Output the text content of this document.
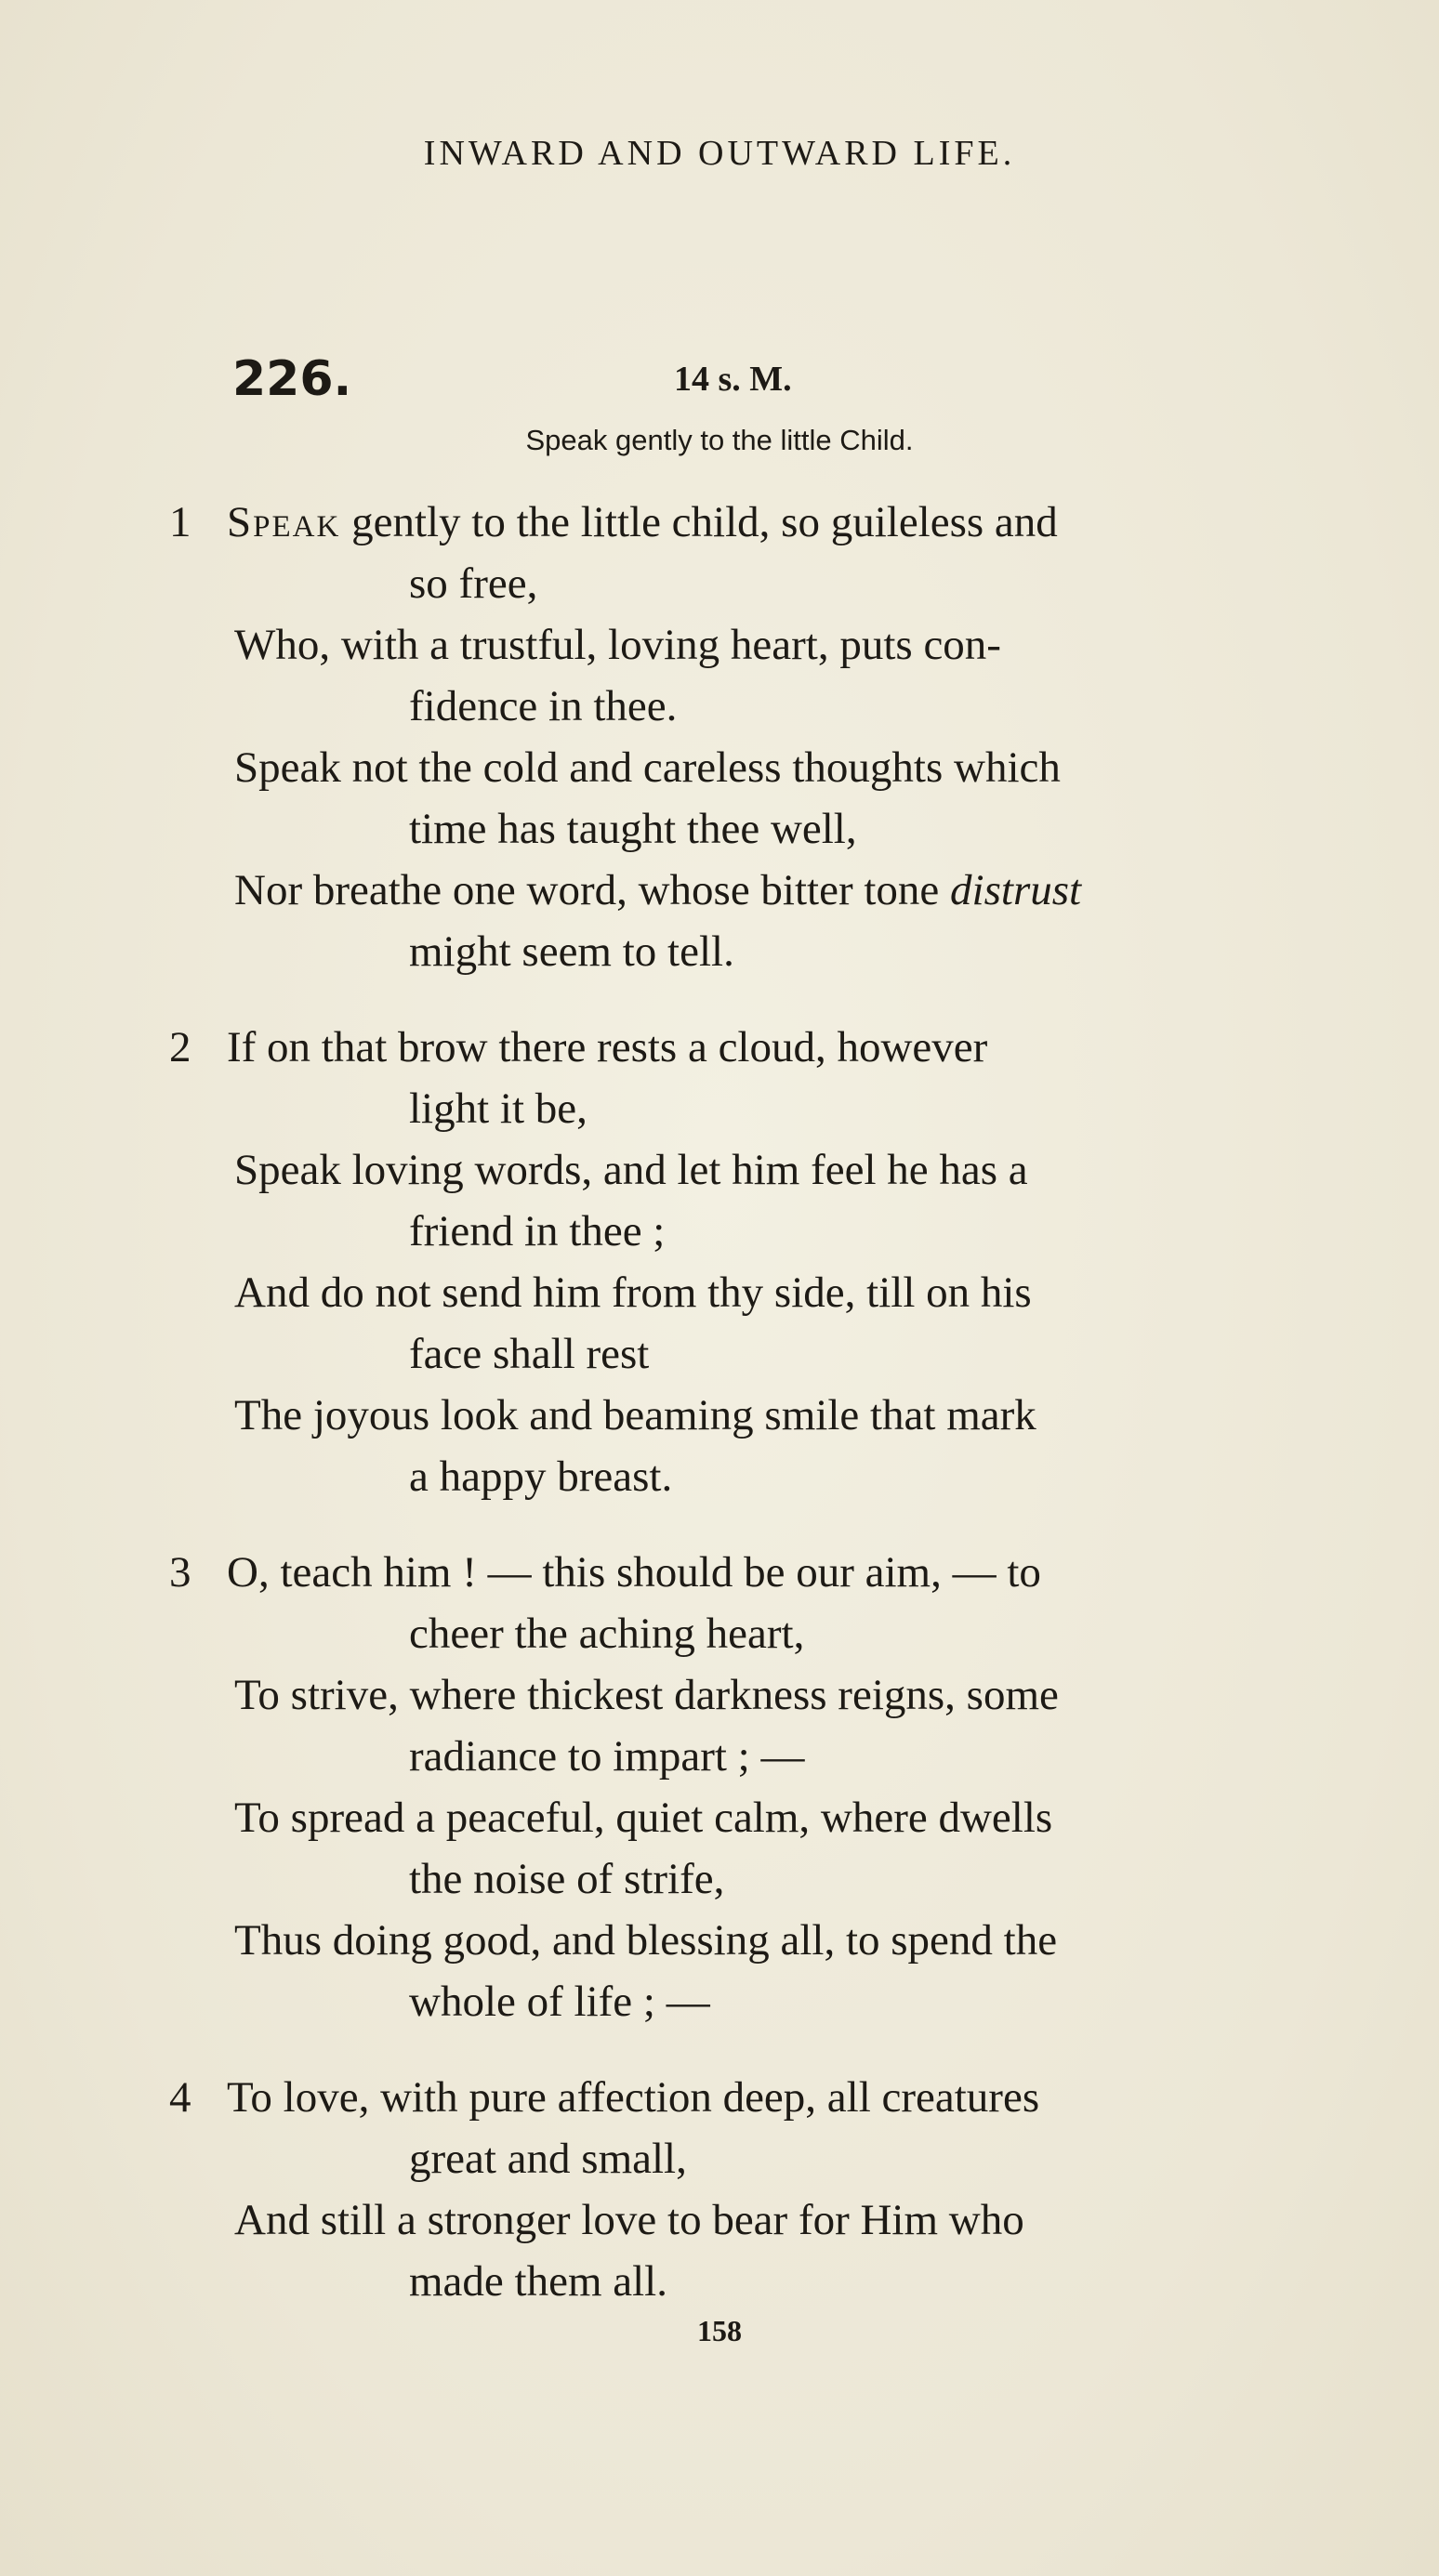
INWARD AND OUTWARD LIFE.
226.	14 s. M.
Speak gently to the little Child.
1 Speak gently to the little child, so guileless and
so free,
Who, with a trustful, loving heart, puts con-
fidence in thee.
Speak not the cold and careless thoughts which
time has taught thee well,
Nor breathe one word, whose bitter tone distrust
might seem to tell.
2 If on that brow there rests a cloud, however
light it be,
Speak loving words, and let him feel he has a
friend in thee ;
And do not send him from thy side, till on his
face shall rest
The joyous look and beaming smile that mark
a happy breast.
3 O, teach him ! — this should be our aim, — to
cheer the aching heart,
To strive, where thickest darkness reigns, some
radiance to impart ; —
To spread a peaceful, quiet calm, where dwells
the noise of strife,
Thus doing good, and blessing all, to spend the
whole of life ; —
4 To love, with pure affection deep, all creatures
great and small,
And still a stronger love to bear for Him who
made them all.
158
